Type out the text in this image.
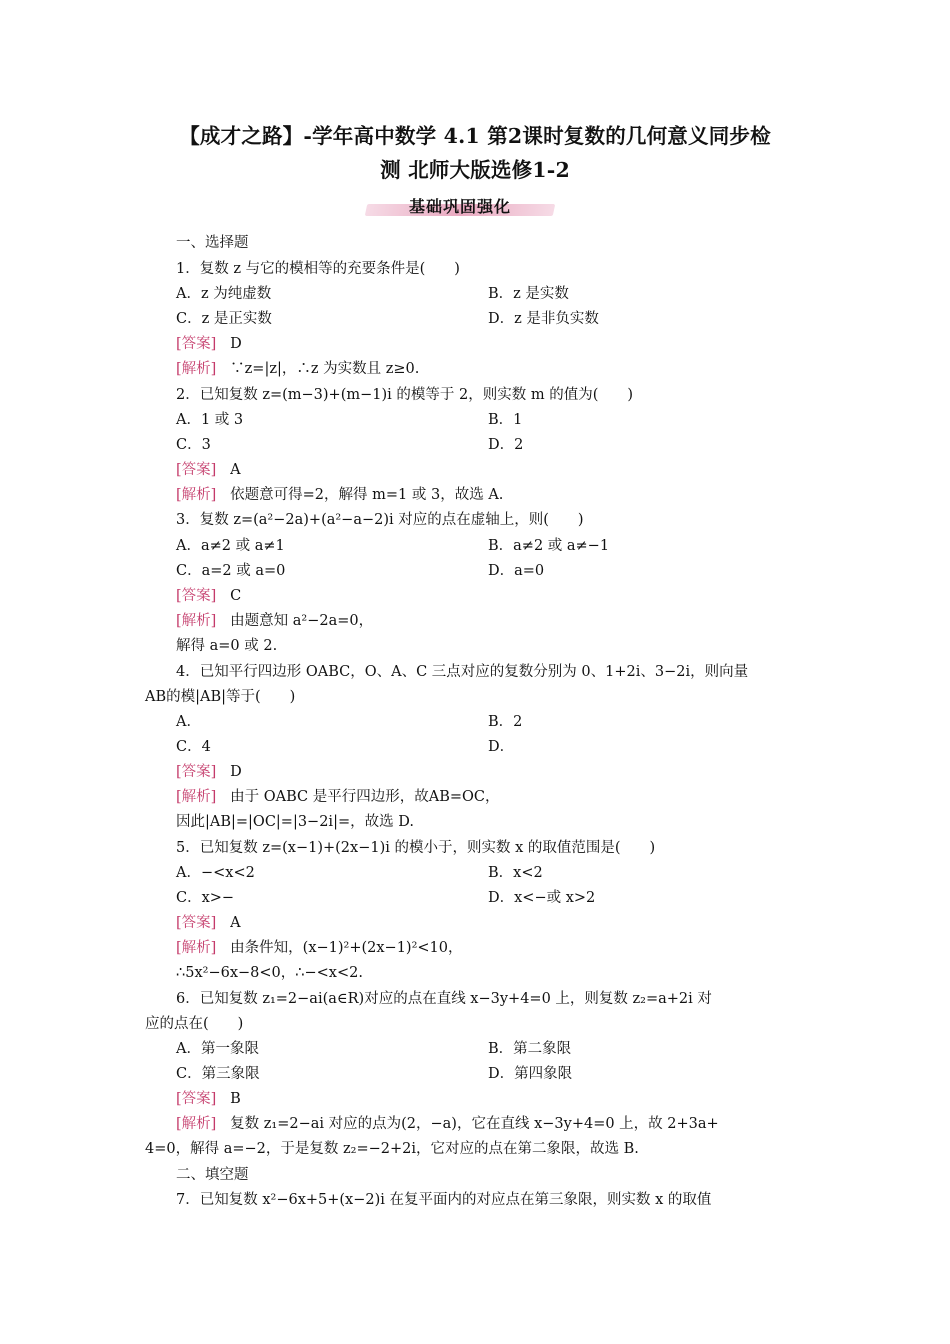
【成才之路】-学年高中数学 4.1 第2课时复数的几何意义同步检
测 北师大版选修1-2
基础巩固强化
一、选择题
1．复数 z 与它的模相等的充要条件是(　　)
A．z 为纯虚数	B．z 是实数
C．z 是正实数	D．z 是非负实数
[答案] D
[解析] ∵z=|z|，∴z 为实数且 z≥0.
2．已知复数 z=(m−3)+(m−1)i 的模等于 2，则实数 m 的值为(　　)
A．1 或 3	B．1
C．3	D．2
[答案] A
[解析] 依题意可得=2，解得 m=1 或 3，故选 A.
3．复数 z=(a²−2a)+(a²−a−2)i 对应的点在虚轴上，则(　　)
A．a≠2 或 a≠1	B．a≠2 或 a≠−1
C．a=2 或 a=0	D．a=0
[答案] C
[解析] 由题意知 a²−2a=0，
解得 a=0 或 2.
4．已知平行四边形 OABC，O、A、C 三点对应的复数分别为 0、1+2i、3−2i，则向量
AB的模|AB|等于(　　)
A．	B．2
C．4	D．
[答案] D
[解析] 由于 OABC 是平行四边形，故AB=OC，
因此|AB|=|OC|=|3−2i|=，故选 D.
5．已知复数 z=(x−1)+(2x−1)i 的模小于，则实数 x 的取值范围是(　　)
A．−<x<2	B．x<2
C．x>−	D．x<−或 x>2
[答案] A
[解析] 由条件知，(x−1)²+(2x−1)²<10，
∴5x²−6x−8<0，∴−<x<2.
6．已知复数 z₁=2−ai(a∈R)对应的点在直线 x−3y+4=0 上，则复数 z₂=a+2i 对
应的点在(　　)
A．第一象限	B．第二象限
C．第三象限	D．第四象限
[答案] B
[解析] 复数 z₁=2−ai 对应的点为(2，−a)，它在直线 x−3y+4=0 上，故 2+3a+
4=0，解得 a=−2，于是复数 z₂=−2+2i，它对应的点在第二象限，故选 B.
二、填空题
7．已知复数 x²−6x+5+(x−2)i 在复平面内的对应点在第三象限，则实数 x 的取值
